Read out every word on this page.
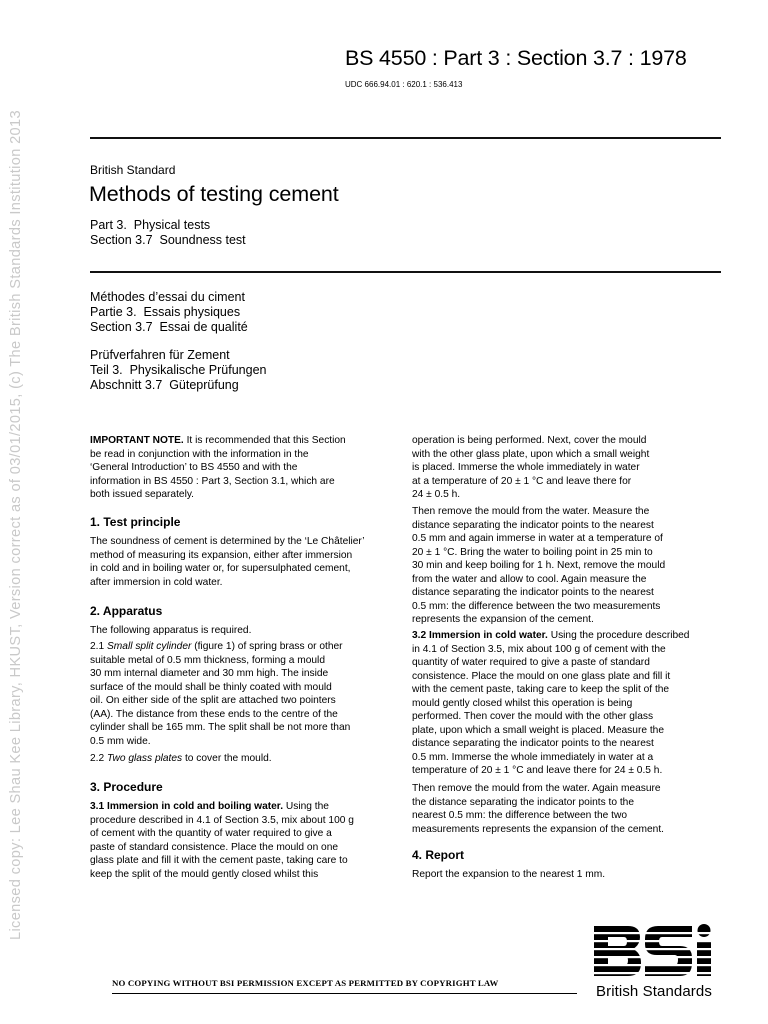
BS 4550 : Part 3 : Section 3.7 : 1978
UDC 666.94.01 : 620.1 : 536.413
British Standard
Methods of testing cement
Part 3.  Physical tests
Section 3.7  Soundness test
Méthodes d’essai du ciment
Partie 3.  Essais physiques
Section 3.7  Essai de qualité
Prüfverfahren für Zement
Teil 3.  Physikalische Prüfungen
Abschnitt 3.7  Güteprüfung
IMPORTANT NOTE. It is recommended that this Section
be read in conjunction with the information in the
‘General Introduction’ to BS 4550 and with the
information in BS 4550 : Part 3, Section 3.1, which are
both issued separately.
1. Test principle
The soundness of cement is determined by the ‘Le Châtelier’
method of measuring its expansion, either after immersion
in cold and in boiling water or, for supersulphated cement,
after immersion in cold water.
2. Apparatus
The following apparatus is required.
2.1 Small split cylinder (figure 1) of spring brass or other
suitable metal of 0.5 mm thickness, forming a mould
30 mm internal diameter and 30 mm high. The inside
surface of the mould shall be thinly coated with mould
oil. On either side of the split are attached two pointers
(AA). The distance from these ends to the centre of the
cylinder shall be 165 mm. The split shall be not more than
0.5 mm wide.
2.2 Two glass plates to cover the mould.
3. Procedure
3.1 Immersion in cold and boiling water. Using the
procedure described in 4.1 of Section 3.5, mix about 100 g
of cement with the quantity of water required to give a
paste of standard consistence. Place the mould on one
glass plate and fill it with the cement paste, taking care to
keep the split of the mould gently closed whilst this
operation is being performed. Next, cover the mould
with the other glass plate, upon which a small weight
is placed. Immerse the whole immediately in water
at a temperature of 20 ± 1 °C and leave there for
24 ± 0.5 h.
Then remove the mould from the water. Measure the
distance separating the indicator points to the nearest
0.5 mm and again immerse in water at a temperature of
20 ± 1 °C. Bring the water to boiling point in 25 min to
30 min and keep boiling for 1 h. Next, remove the mould
from the water and allow to cool. Again measure the
distance separating the indicator points to the nearest
0.5 mm: the difference between the two measurements
represents the expansion of the cement.
3.2 Immersion in cold water. Using the procedure described
in 4.1 of Section 3.5, mix about 100 g of cement with the
quantity of water required to give a paste of standard
consistence. Place the mould on one glass plate and fill it
with the cement paste, taking care to keep the split of the
mould gently closed whilst this operation is being
performed. Then cover the mould with the other glass
plate, upon which a small weight is placed. Measure the
distance separating the indicator points to the nearest
0.5 mm. Immerse the whole immediately in water at a
temperature of 20 ± 1 °C and leave there for 24 ± 0.5 h.
Then remove the mould from the water. Again measure
the distance separating the indicator points to the
nearest 0.5 mm: the difference between the two
measurements represents the expansion of the cement.
4. Report
Report the expansion to the nearest 1 mm.
Licensed copy: Lee Shau Kee Library, HKUST, Version correct as of 03/01/2015, (c) The British Standards Institution 2013
NO COPYING WITHOUT BSI PERMISSION EXCEPT AS PERMITTED BY COPYRIGHT LAW	British Standards
